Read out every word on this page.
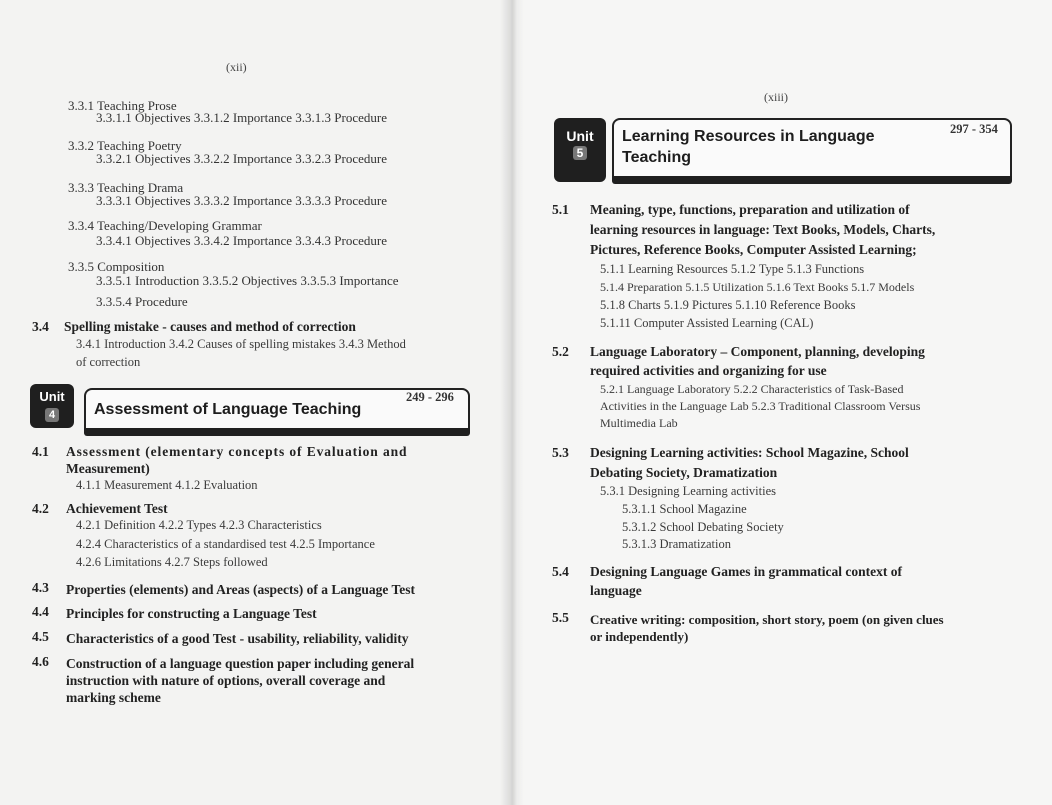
(xii)
3.3.1 Teaching Prose
3.3.1.1 Objectives 3.3.1.2 Importance 3.3.1.3 Procedure
3.3.2 Teaching Poetry
3.3.2.1 Objectives 3.3.2.2 Importance 3.3.2.3 Procedure
3.3.3 Teaching Drama
3.3.3.1 Objectives 3.3.3.2 Importance 3.3.3.3 Procedure
3.3.4 Teaching/Developing Grammar
3.3.4.1 Objectives 3.3.4.2 Importance 3.3.4.3 Procedure
3.3.5 Composition
3.3.5.1 Introduction 3.3.5.2 Objectives 3.3.5.3 Importance
3.3.5.4 Procedure
3.4 Spelling mistake - causes and method of correction
3.4.1 Introduction 3.4.2 Causes of spelling mistakes 3.4.3 Method
of correction
Assessment of Language Teaching
249 - 296
Unit
4
4.1 Assessment (elementary concepts of Evaluation and
Measurement)
4.1.1 Measurement 4.1.2 Evaluation
4.2 Achievement Test
4.2.1 Definition 4.2.2 Types 4.2.3 Characteristics
4.2.4 Characteristics of a standardised test 4.2.5 Importance
4.2.6 Limitations 4.2.7 Steps followed
4.3 Properties (elements) and Areas (aspects) of a Language Test
4.4 Principles for constructing a Language Test
4.5 Characteristics of a good Test - usability, reliability, validity
4.6 Construction of a language question paper including general
instruction with nature of options, overall coverage and
marking scheme
(xiii)
Learning Resources in Language
Teaching
297 - 354
Unit
5
5.1 Meaning, type, functions, preparation and utilization of
learning resources in language: Text Books, Models, Charts,
Pictures, Reference Books, Computer Assisted Learning;
5.1.1 Learning Resources 5.1.2 Type 5.1.3 Functions
5.1.4 Preparation 5.1.5 Utilization 5.1.6 Text Books 5.1.7 Models
5.1.8 Charts 5.1.9 Pictures 5.1.10 Reference Books
5.1.11 Computer Assisted Learning (CAL)
5.2 Language Laboratory – Component, planning, developing
required activities and organizing for use
5.2.1 Language Laboratory 5.2.2 Characteristics of Task-Based
Activities in the Language Lab 5.2.3 Traditional Classroom Versus
Multimedia Lab
5.3 Designing Learning activities: School Magazine, School
Debating Society, Dramatization
5.3.1 Designing Learning activities
5.3.1.1 School Magazine
5.3.1.2 School Debating Society
5.3.1.3 Dramatization
5.4 Designing Language Games in grammatical context of
language
5.5 Creative writing: composition, short story, poem (on given clues
or independently)
